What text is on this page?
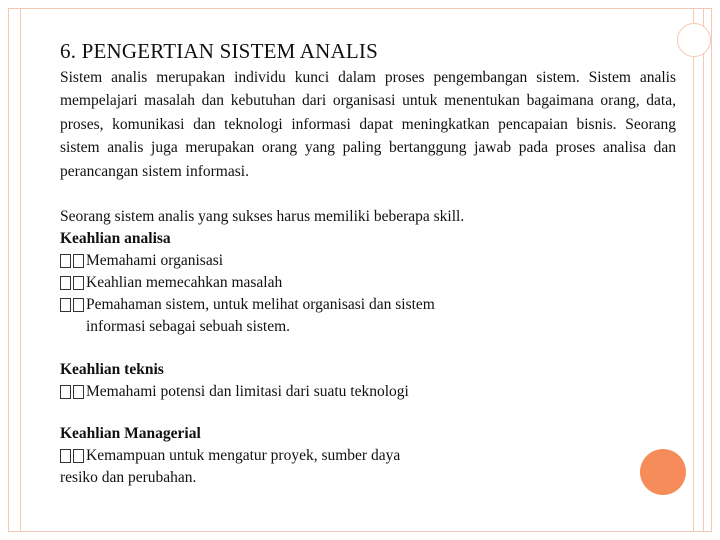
6. PENGERTIAN SISTEM ANALIS

Sistem analis merupakan individu kunci dalam proses pengembangan sistem. Sistem analis mempelajari masalah dan kebutuhan dari organisasi untuk menentukan bagaimana orang, data, proses, komunikasi dan teknologi informasi dapat meningkatkan pencapaian bisnis. Seorang sistem analis juga merupakan orang yang paling bertanggung jawab pada proses analisa dan perancangan sistem informasi.

Seorang sistem analis yang sukses harus memiliki beberapa skill.
Keahlian analisa
Memahami organisasi
Keahlian memecahkan masalah
Pemahaman sistem, untuk melihat organisasi dan sistem
informasi sebagai sebuah sistem.
Keahlian teknis
Memahami potensi dan limitasi dari suatu teknologi
Keahlian Managerial
Kemampuan untuk mengatur proyek, sumber daya
resiko dan perubahan.
